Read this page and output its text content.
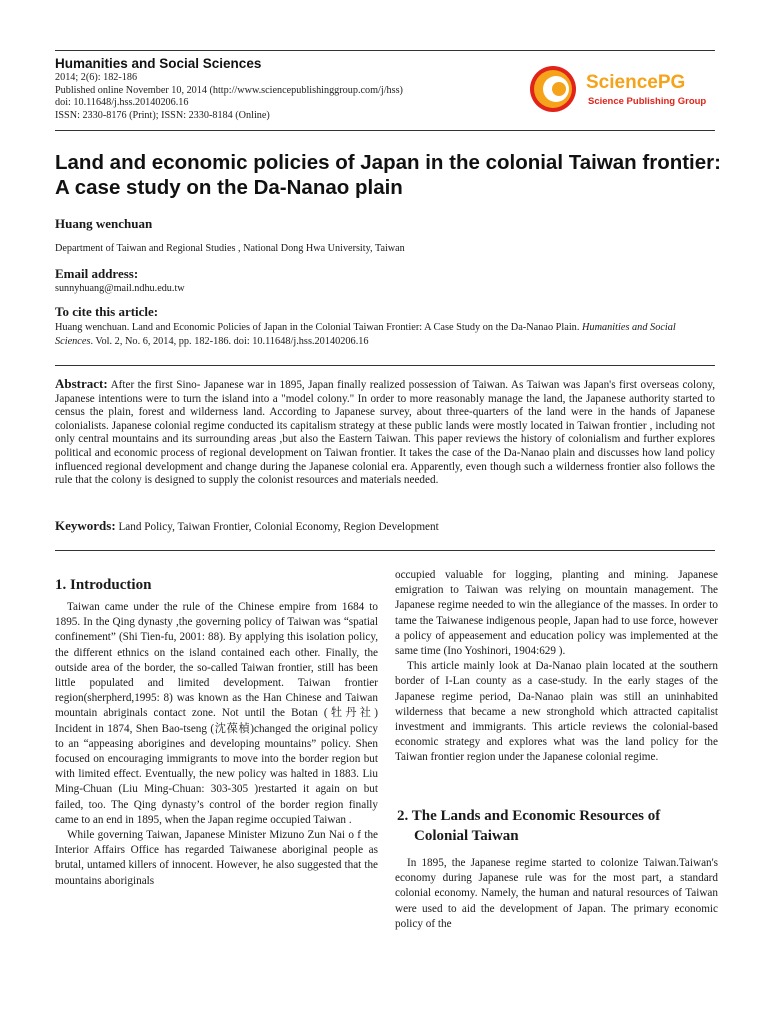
Humanities and Social Sciences
2014; 2(6): 182-186
Published online November 10, 2014 (http://www.sciencepublishinggroup.com/j/hss)
doi: 10.11648/j.hss.20140206.16
ISSN: 2330-8176 (Print); ISSN: 2330-8184 (Online)
SciencePG
Science Publishing Group
Land and economic policies of Japan in the colonial Taiwan frontier: A case study on the Da-Nanao plain
Huang wenchuan
Department of Taiwan and Regional Studies , National Dong Hwa University, Taiwan
Email address:
sunnyhuang@mail.ndhu.edu.tw
To cite this article:
Huang wenchuan. Land and Economic Policies of Japan in the Colonial Taiwan Frontier: A Case Study on the Da-Nanao Plain. Humanities and Social Sciences. Vol. 2, No. 6, 2014, pp. 182-186. doi: 10.11648/j.hss.20140206.16

Abstract: After the first Sino- Japanese war in 1895, Japan finally realized possession of Taiwan. As Taiwan was Japan's first overseas colony, Japanese intentions were to turn the island into a "model colony." In order to more reasonably manage the land, the Japanese authority started to census the plain, forest and wilderness land. According to Japanese survey, about three-quarters of the land were in the hands of Japanese colonialists. Japanese colonial regime conducted its capitalism strategy at these public lands were mostly located in Taiwan frontier , including not only central mountains and its surrounding areas ,but also the Eastern Taiwan. This paper reviews the history of colonialism and further explores political and economic process of regional development on Taiwan frontier. It takes the case of the Da-Nanao plain and discusses how land policy influenced regional development and change during the Japanese colonial era. Apparently, even though such a wilderness frontier also follows the rule that the colony is designed to supply the colonist resources and materials needed.

Keywords: Land Policy, Taiwan Frontier, Colonial Economy, Region Development

1. Introduction

Taiwan came under the rule of the Chinese empire from 1684 to 1895. In the Qing dynasty ,the governing policy of Taiwan was “spatial confinement” (Shi Tien-fu, 2001: 88). By applying this isolation policy, the different ethnics on the island contained each other. Finally, the outside area of the border, the so-called Taiwan frontier, still has been little populated and limited development. Taiwan frontier region(sherpherd,1995: 8) was known as the Han Chinese and Taiwan mountain abriginals contact zone. Not until the Botan (牡丹社) Incident in 1874, Shen Bao-tseng (沈葆楨)changed the original policy to an “appeasing aborigines and developing mountains” policy. Shen focused on encouraging immigrants to move into the border region but with limited effect. Eventually, the new policy was halted in 1883. Liu Ming-Chuan (Liu Ming-Chuan: 303-305 )restarted it again on but failed, too. The Qing dynasty’s control of the border region finally came to an end in 1895, when the Japan regime occupied Taiwan .

While governing Taiwan, Japanese Minister Mizuno Zun Nai o f the Interior Affairs Office has regarded Taiwanese aboriginal people as brutal, untamed killers of innocent. However, he also suggested that the mountains aboriginals

occupied valuable for logging, planting and mining. Japanese emigration to Taiwan was relying on mountain management. The Japanese regime needed to win the allegiance of the masses. In order to tame the Taiwanese indigenous people, Japan had to use force, however a policy of appeasement and education policy was implemented at the same time (Ino Yoshinori, 1904:629 ).

This article mainly look at Da-Nanao plain located at the southern border of I-Lan county as a case-study. In the early stages of the Japanese regime period, Da-Nanao plain was still an uninhabited wilderness that became a new stronghold which attracted capitalist investment and immigrants. This article reviews the colonial-based economic strategy and explores what was the land policy for the Taiwan frontier region under the Japanese colonial regime.

2. The Lands and Economic Resources of
Colonial Taiwan

In 1895, the Japanese regime started to colonize Taiwan.Taiwan's economy during Japanese rule was for the most part, a standard colonial economy. Namely, the human and natural resources of Taiwan were used to aid the development of Japan. The primary economic policy of the
